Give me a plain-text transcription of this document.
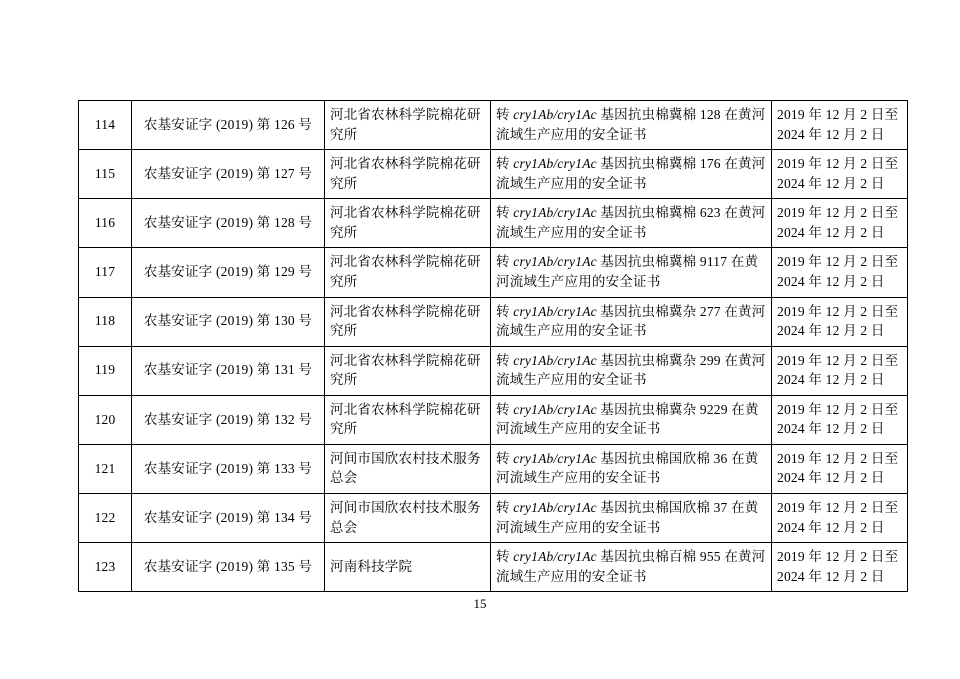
114	农基安证字 (2019) 第 126 号	河北省农林科学院棉花研究所	转 cry1Ab/cry1Ac 基因抗虫棉冀棉 128 在黄河流域生产应用的安全证书	2019 年 12 月 2 日至
2024 年 12 月 2 日

115	农基安证字 (2019) 第 127 号	河北省农林科学院棉花研究所	转 cry1Ab/cry1Ac 基因抗虫棉冀棉 176 在黄河流域生产应用的安全证书	2019 年 12 月 2 日至
2024 年 12 月 2 日

116	农基安证字 (2019) 第 128 号	河北省农林科学院棉花研究所	转 cry1Ab/cry1Ac 基因抗虫棉冀棉 623 在黄河流域生产应用的安全证书	2019 年 12 月 2 日至
2024 年 12 月 2 日

117	农基安证字 (2019) 第 129 号	河北省农林科学院棉花研究所	转 cry1Ab/cry1Ac 基因抗虫棉冀棉 9117 在黄河流域生产应用的安全证书	2019 年 12 月 2 日至
2024 年 12 月 2 日

118	农基安证字 (2019) 第 130 号	河北省农林科学院棉花研究所	转 cry1Ab/cry1Ac 基因抗虫棉冀杂 277 在黄河流域生产应用的安全证书	2019 年 12 月 2 日至
2024 年 12 月 2 日

119	农基安证字 (2019) 第 131 号	河北省农林科学院棉花研究所	转 cry1Ab/cry1Ac 基因抗虫棉冀杂 299 在黄河流域生产应用的安全证书	2019 年 12 月 2 日至
2024 年 12 月 2 日

120	农基安证字 (2019) 第 132 号	河北省农林科学院棉花研究所	转 cry1Ab/cry1Ac 基因抗虫棉冀杂 9229 在黄河流域生产应用的安全证书	2019 年 12 月 2 日至
2024 年 12 月 2 日

121	农基安证字 (2019) 第 133 号	河间市国欣农村技术服务总会	转 cry1Ab/cry1Ac 基因抗虫棉国欣棉 36 在黄河流域生产应用的安全证书	2019 年 12 月 2 日至
2024 年 12 月 2 日

122	农基安证字 (2019) 第 134 号	河间市国欣农村技术服务总会	转 cry1Ab/cry1Ac 基因抗虫棉国欣棉 37 在黄河流域生产应用的安全证书	2019 年 12 月 2 日至
2024 年 12 月 2 日

123	农基安证字 (2019) 第 135 号	河南科技学院	转 cry1Ab/cry1Ac 基因抗虫棉百棉 955 在黄河流域生产应用的安全证书	2019 年 12 月 2 日至
2024 年 12 月 2 日
15
